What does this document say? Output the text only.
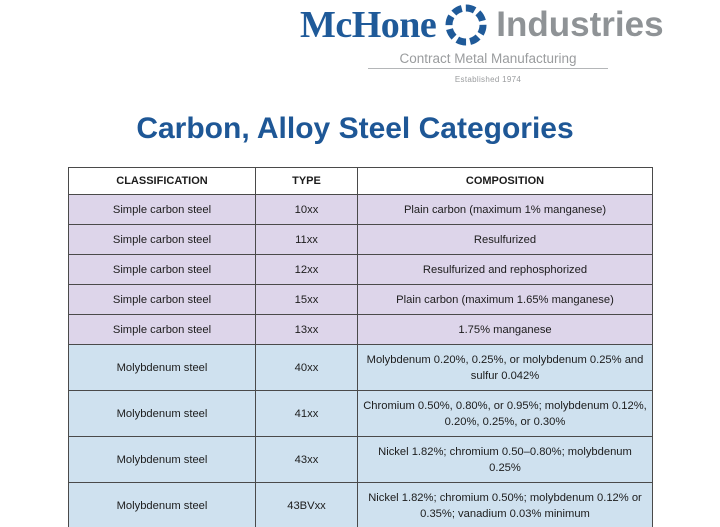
McHone Industries
Contract Metal Manufacturing
Established 1974
Carbon, Alloy Steel Categories
CLASSIFICATION	TYPE	COMPOSITION
Simple carbon steel	10xx	Plain carbon (maximum 1% manganese)
Simple carbon steel	11xx	Resulfurized
Simple carbon steel	12xx	Resulfurized and rephosphorized
Simple carbon steel	15xx	Plain carbon (maximum 1.65% manganese)
Simple carbon steel	13xx	1.75% manganese
Molybdenum steel	40xx	Molybdenum 0.20%, 0.25%, or molybdenum 0.25% and sulfur 0.042%
Molybdenum steel	41xx	Chromium 0.50%, 0.80%, or 0.95%; molybdenum 0.12%, 0.20%, 0.25%, or 0.30%
Molybdenum steel	43xx	Nickel 1.82%; chromium 0.50–0.80%; molybdenum 0.25%
Molybdenum steel	43BVxx	Nickel 1.82%; chromium 0.50%; molybdenum 0.12% or 0.35%; vanadium 0.03% minimum
